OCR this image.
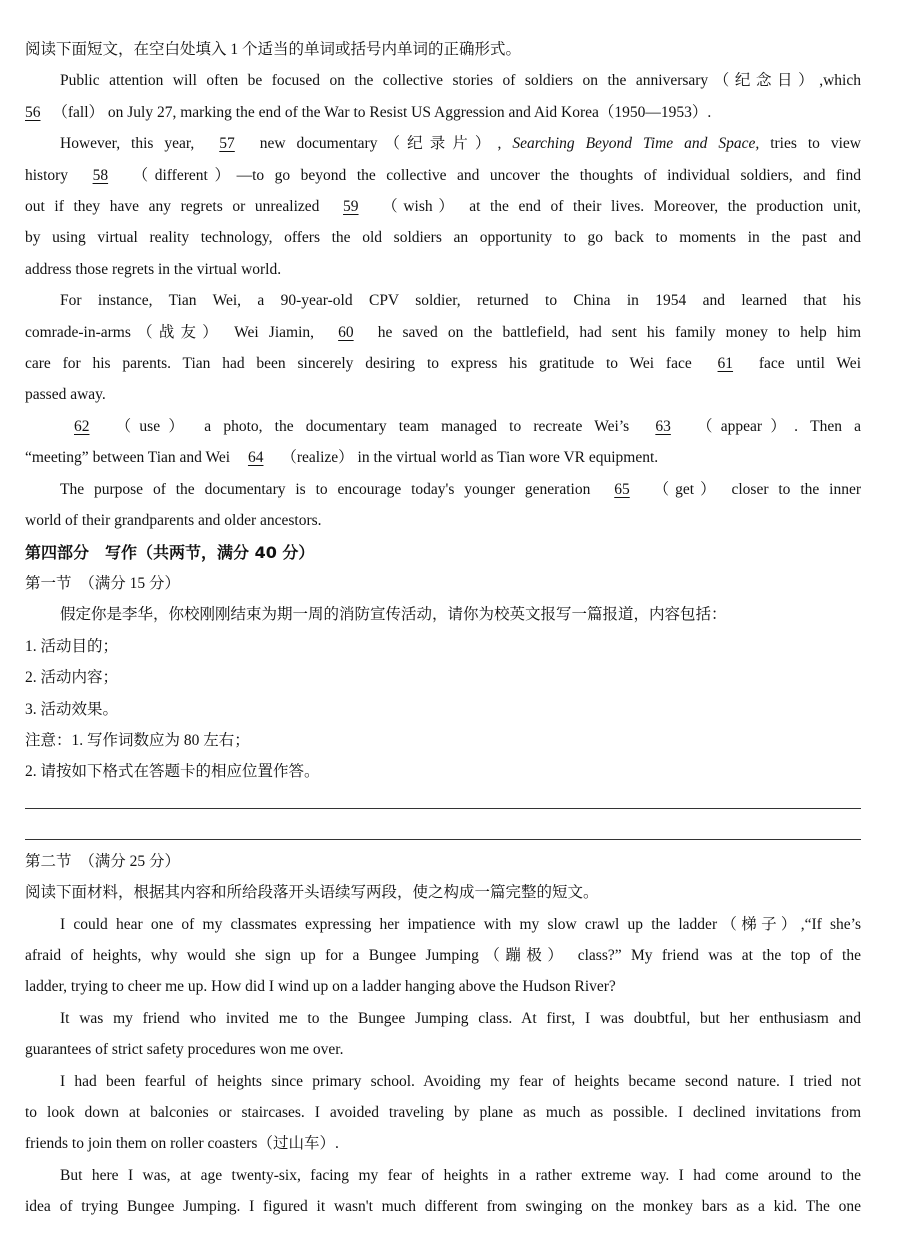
阅读下面短文，在空白处填入 1 个适当的单词或括号内单词的正确形式。
Public attention will often be focused on the collective stories of soldiers on the anniversary（纪念日）,which
56 （fall） on July 27, marking the end of the War to Resist US Aggression and Aid Korea（1950—1953）.
However, this year, 57 new documentary（纪录片）, Searching Beyond Time and Space, tries to view
history 58 （different）—to go beyond the collective and uncover the thoughts of individual soldiers, and find
out if they have any regrets or unrealized 59 （wish） at the end of their lives. Moreover, the production unit,
by using virtual reality technology, offers the old soldiers an opportunity to go back to moments in the past and
address those regrets in the virtual world.
For instance, Tian Wei, a 90-year-old CPV soldier, returned to China in 1954 and learned that his
comrade-in-arms（战友） Wei Jiamin, 60 he saved on the battlefield, had sent his family money to help him
care for his parents. Tian had been sincerely desiring to express his gratitude to Wei face 61 face until Wei
passed away.
62 （use） a photo, the documentary team managed to recreate Wei’s 63 （appear）. Then a
“meeting” between Tian and Wei 64 （realize） in the virtual world as Tian wore VR equipment.
The purpose of the documentary is to encourage today's younger generation 65 （get） closer to the inner
world of their grandparents and older ancestors.
第四部分　写作（共两节，满分 40 分）
第一节　（满分 15 分）
假定你是李华，你校刚刚结束为期一周的消防宣传活动，请你为校英文报写一篇报道，内容包括：
1. 活动目的；
2. 活动内容；
3. 活动效果。
注意：1. 写作词数应为 80 左右；
2. 请按如下格式在答题卡的相应位置作答。
第二节　（满分 25 分）
阅读下面材料，根据其内容和所给段落开头语续写两段，使之构成一篇完整的短文。
I could hear one of my classmates expressing her impatience with my slow crawl up the ladder（梯子）,“If she’s
afraid of heights, why would she sign up for a Bungee Jumping（蹦极） class?” My friend was at the top of the
ladder, trying to cheer me up. How did I wind up on a ladder hanging above the Hudson River?
It was my friend who invited me to the Bungee Jumping class. At first, I was doubtful, but her enthusiasm and
guarantees of strict safety procedures won me over.
I had been fearful of heights since primary school. Avoiding my fear of heights became second nature. I tried not
to look down at balconies or staircases. I avoided traveling by plane as much as possible. I declined invitations from
friends to join them on roller coasters（过山车）.
But here I was, at age twenty-six, facing my fear of heights in a rather extreme way. I had come around to the
idea of trying Bungee Jumping. I figured it wasn't much different from swinging on the monkey bars as a kid. The one
